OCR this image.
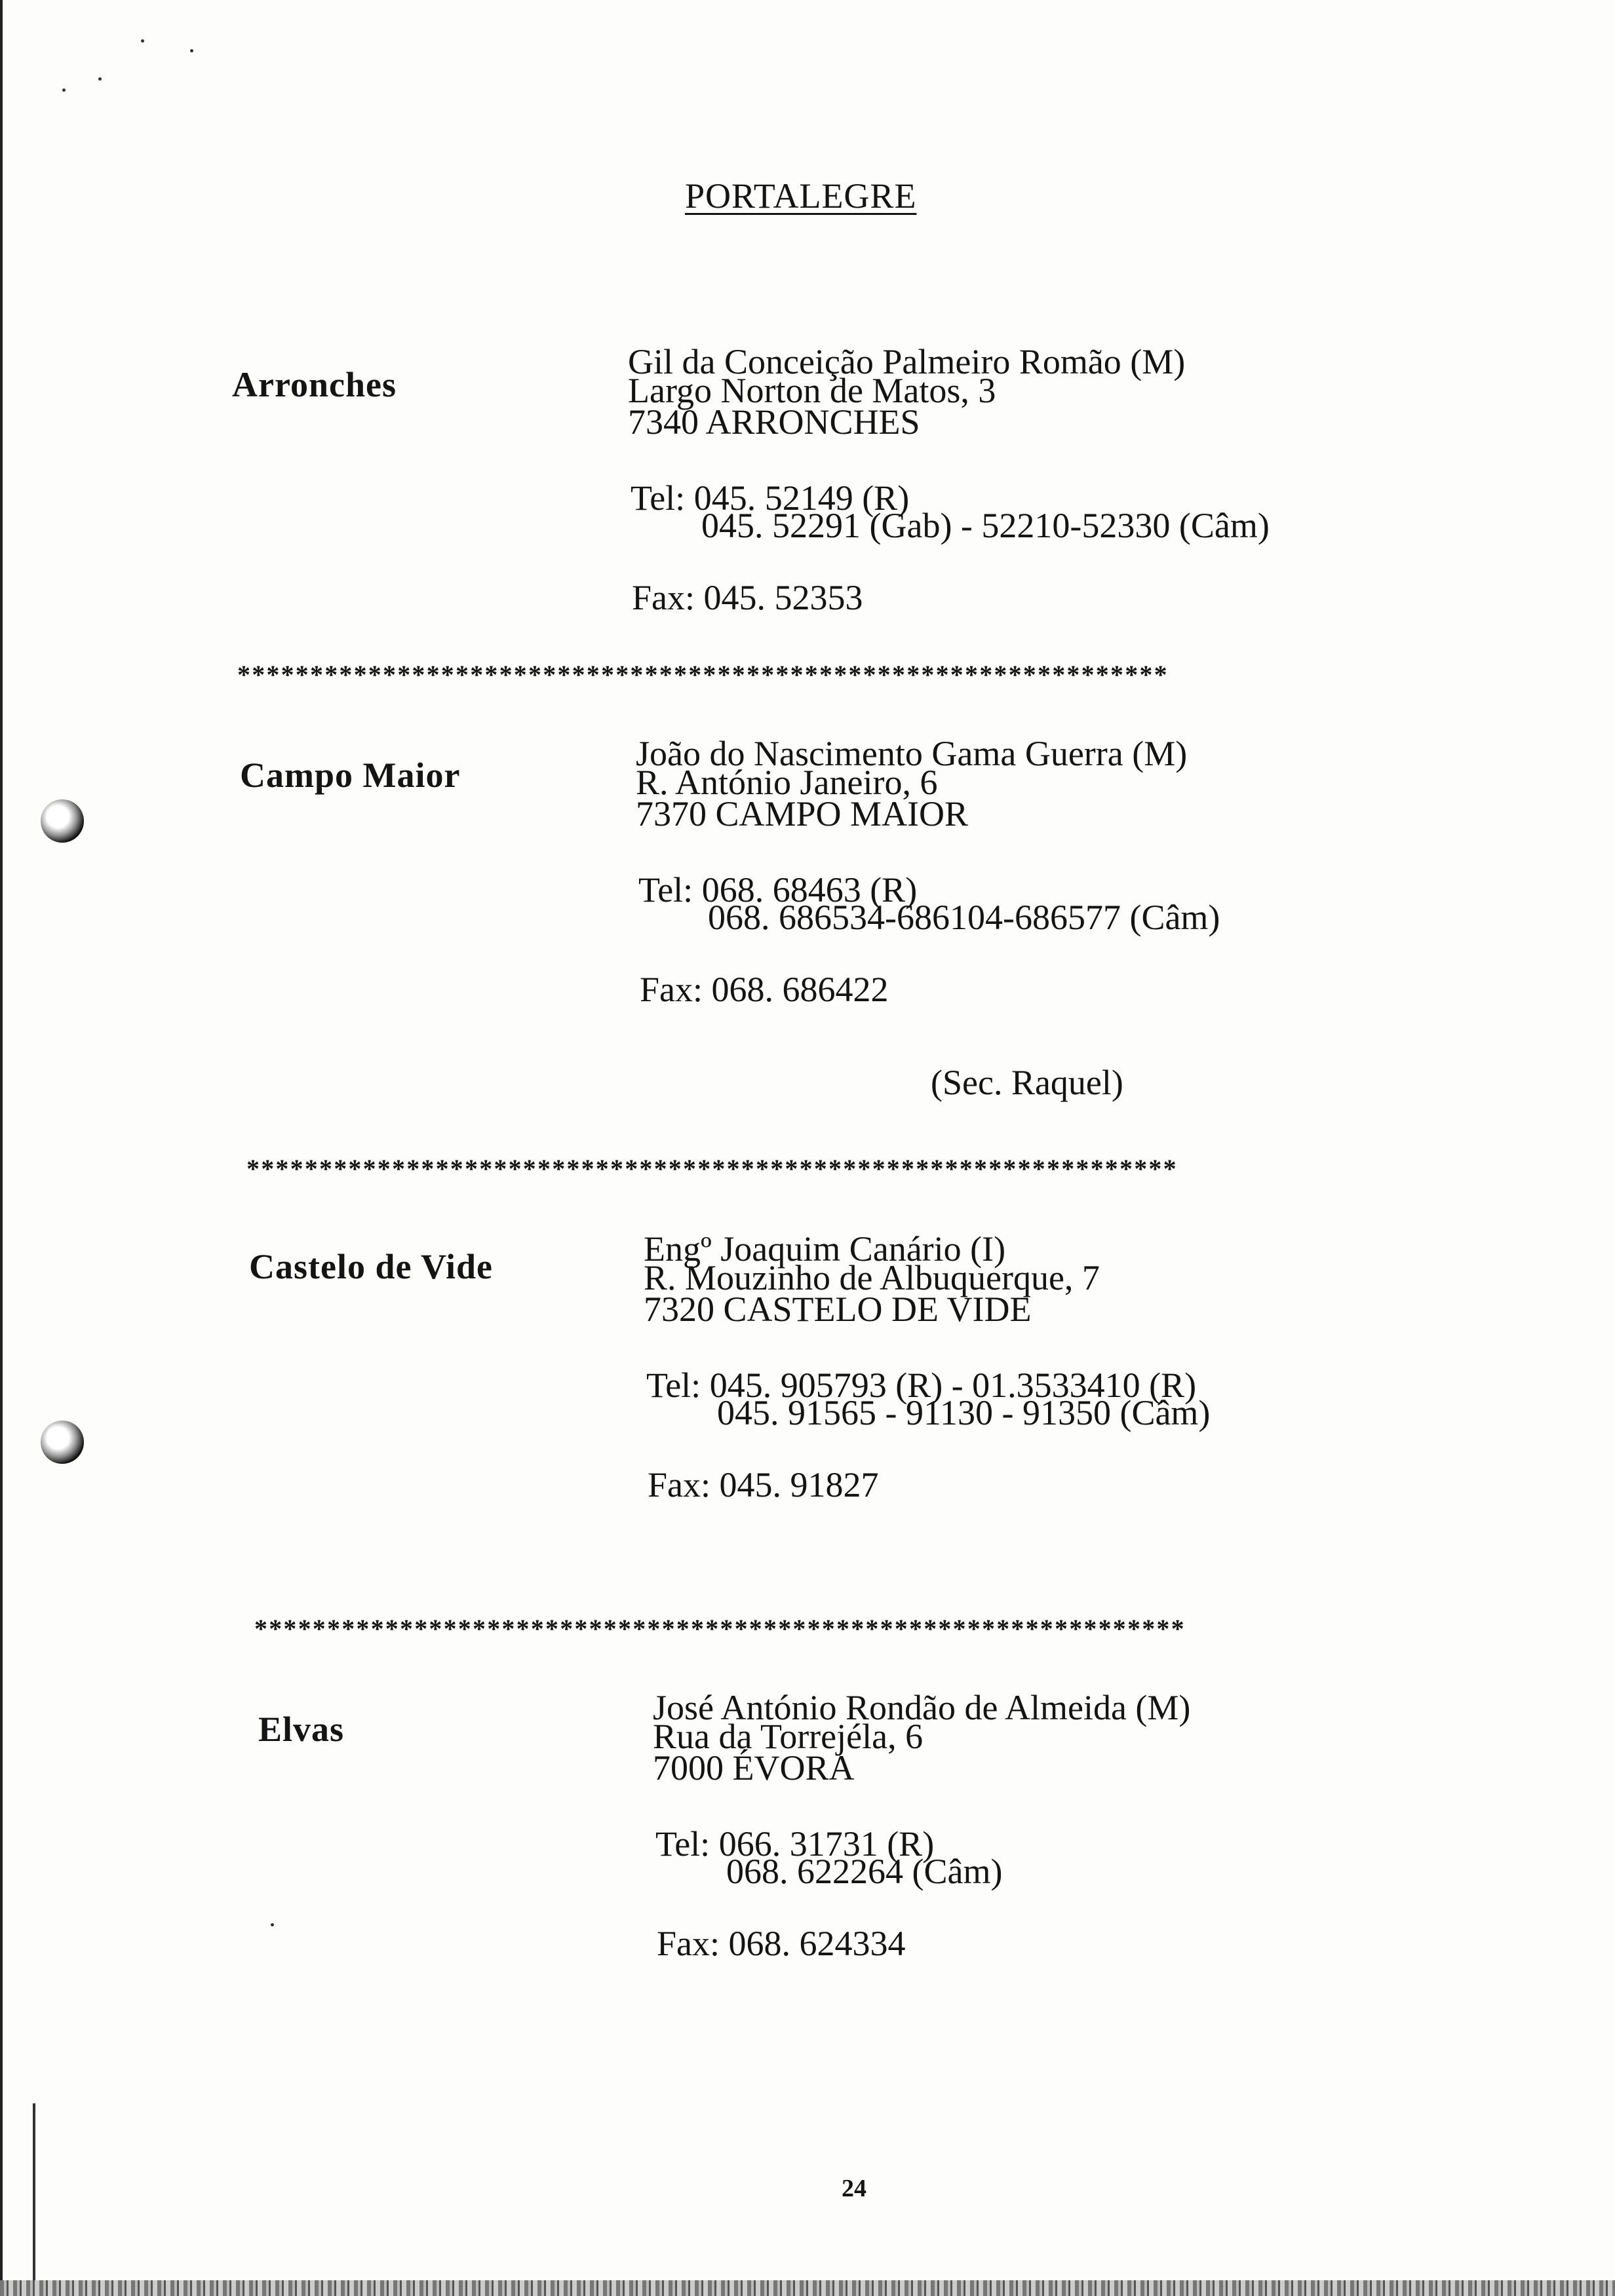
PORTALEGRE
Arronches
Gil da Conceição Palmeiro Romão (M)
Largo Norton de Matos, 3
7340 ARRONCHES
Tel: 045. 52149 (R)
045. 52291 (Gab) - 52210-52330 (Câm)
Fax: 045. 52353
****************************************************************
Campo Maior
João do Nascimento Gama Guerra (M)
R. António Janeiro, 6
7370 CAMPO MAIOR
Tel: 068. 68463 (R)
068. 686534-686104-686577 (Câm)
Fax: 068. 686422
(Sec. Raquel)
****************************************************************
Castelo de Vide	Engº Joaquim Canário (I)
R. Mouzinho de Albuquerque, 7
7320 CASTELO DE VIDE
Tel: 045. 905793 (R) - 01.3533410 (R)
045. 91565 - 91130 - 91350 (Câm)
Fax: 045. 91827
****************************************************************
Elvas
José António Rondão de Almeida (M)
Rua da Torrejéla, 6
7000 ÉVORA
Tel: 066. 31731 (R)
068. 622264 (Câm)
Fax: 068. 624334
24
